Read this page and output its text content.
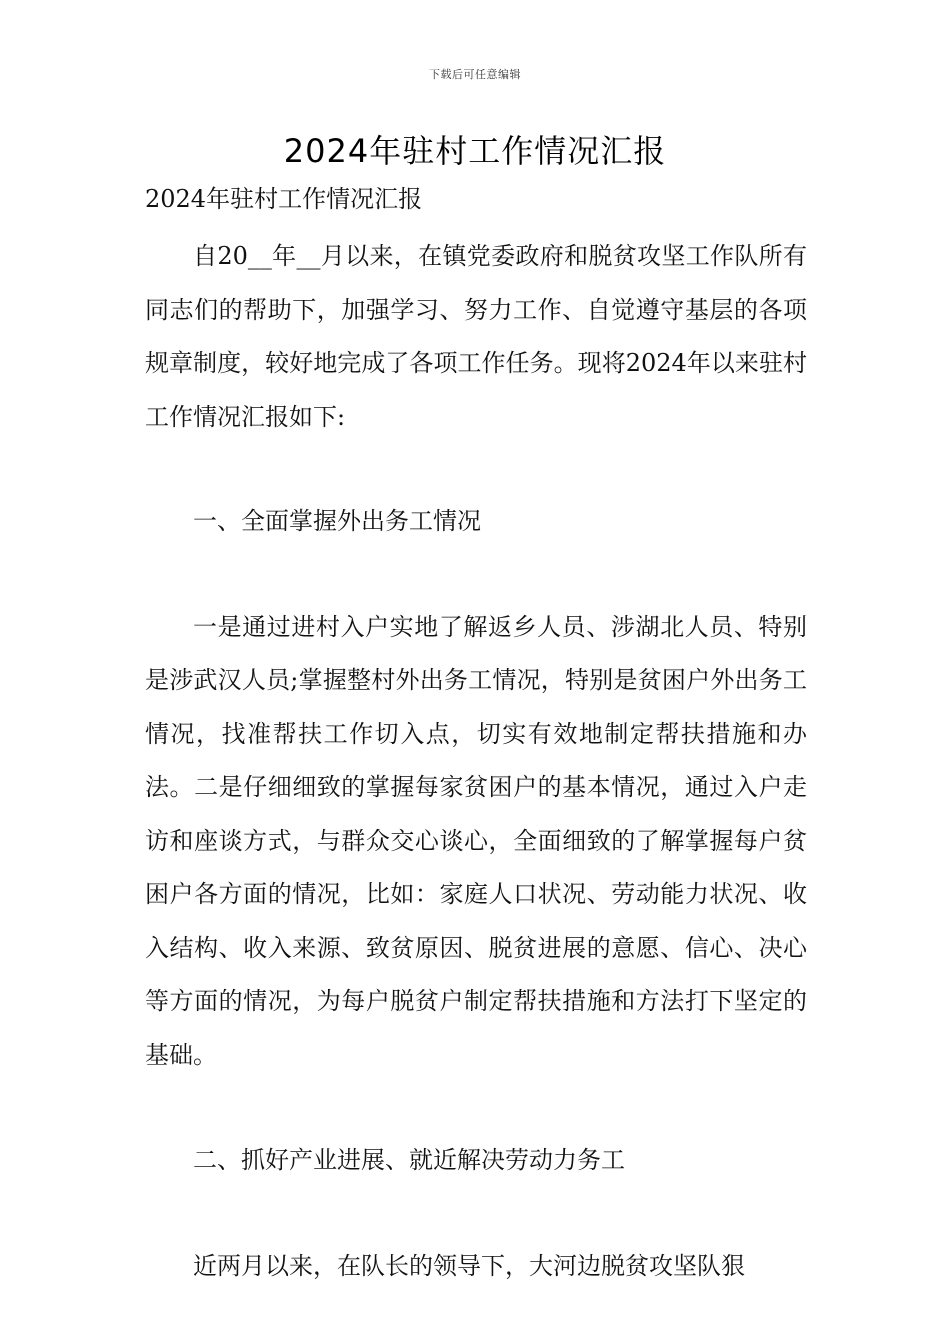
下载后可任意编辑
2024年驻村工作情况汇报

2024年驻村工作情况汇报

自20__年__月以来，在镇党委政府和脱贫攻坚工作队所有同志们的帮助下，加强学习、努力工作、自觉遵守基层的各项规章制度，较好地完成了各项工作任务。现将2024年以来驻村工作情况汇报如下:

一、全面掌握外出务工情况

一是通过进村入户实地了解返乡人员、涉湖北人员、特别是涉武汉人员;掌握整村外出务工情况，特别是贫困户外出务工情况，找准帮扶工作切入点，切实有效地制定帮扶措施和办法。二是仔细细致的掌握每家贫困户的基本情况，通过入户走访和座谈方式，与群众交心谈心，全面细致的了解掌握每户贫困户各方面的情况，比如：家庭人口状况、劳动能力状况、收入结构、收入来源、致贫原因、脱贫进展的意愿、信心、决心等方面的情况，为每户脱贫户制定帮扶措施和方法打下坚定的基础。

二、抓好产业进展、就近解决劳动力务工

近两月以来，在队长的领导下，大河边脱贫攻坚队狠
